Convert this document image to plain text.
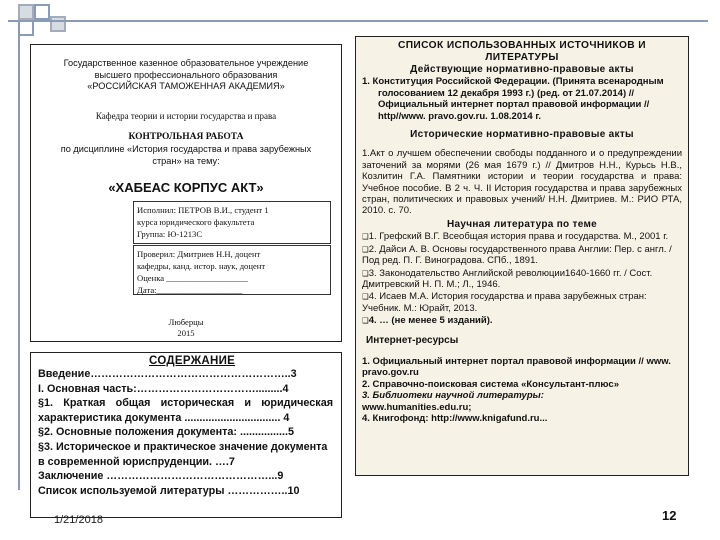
Государственное казенное образовательное учреждение
высшего профессионального образования
«РОССИЙСКАЯ ТАМОЖЕННАЯ АКАДЕМИЯ»
Кафедра теории и истории государства и права
КОНТРОЛЬНАЯ РАБОТА
по дисциплине «История государства и права зарубежных
стран» на тему:
«ХАБЕАС КОРПУС АКТ»
Исполнил: ПЕТРОВ В.И., студент 1
курса юридического факультета
Группа: Ю-1213С
Проверил: Дмитриев Н.Н, доцент
кафедры, канд. истор. наук, доцент
Оценка ___________________
Дата:____________________
Люберцы
2015
СОДЕРЖАНИЕ
Введение………………………………………………..3
I. Основная часть:…………………………….........4
§1. Краткая общая историческая и юридическая характеристика документа ................................ 4
§2. Основные положения документа: ................5
§3. Историческое и практическое значение документа в современной юриспруденции. ….7
Заключение ………………………………………...9
Список используемой литературы ……………..10
1/21/2018	12
СПИСОК ИСПОЛЬЗОВАННЫХ ИСТОЧНИКОВ И ЛИТЕРАТУРЫ
Действующие нормативно-правовые акты
1. Конституция Российской Федерации. (Принята всенародным голосованием 12 декабря 1993 г.) (ред. от 21.07.2014) // Официальный интернет портал правовой информации // http//www. pravo.gov.ru. 1.08.2014 г.
Исторические нормативно-правовые акты
1.Акт о лучшем обеспечении свободы подданного и о предупреждении заточений за морями (26 мая 1679 г.) // Дмитров Н.Н., Курьсь Н.В., Козлитин Г.А. Памятники истории и теории государства и права: Учебное пособие. В 2 ч. Ч. II История государства и права зарубежных стран, политических и правовых учений/ Н.Н. Дмитриев. М.: РИО РТА, 2010. с. 70.
Научная литература по теме
❑1. Грефский В.Г. Всеобщая история права и государства. М., 2001 г.
❑2. Дайси А. В. Основы государственного права Англии: Пер. с англ. / Под ред. П. Г. Виноградова. СПб., 1891.
❑3. Законодательство Английской революции1640-1660 гг. / Сост. Дмитревский Н. П. М.; Л., 1946.
❑4. Исаев М.А. История государства и права зарубежных стран: Учебник. М.: Юрайт, 2013.
❑4. … (не менее 5 изданий).
Интернет-ресурсы
1. Официальный интернет портал правовой информации // www. pravo.gov.ru
2. Справочно-поисковая система «Консультант-плюс»
3. Библиотеки научной литературы:
www.humanities.edu.ru;
4. Книгофонд: http://www.knigafund.ru...
